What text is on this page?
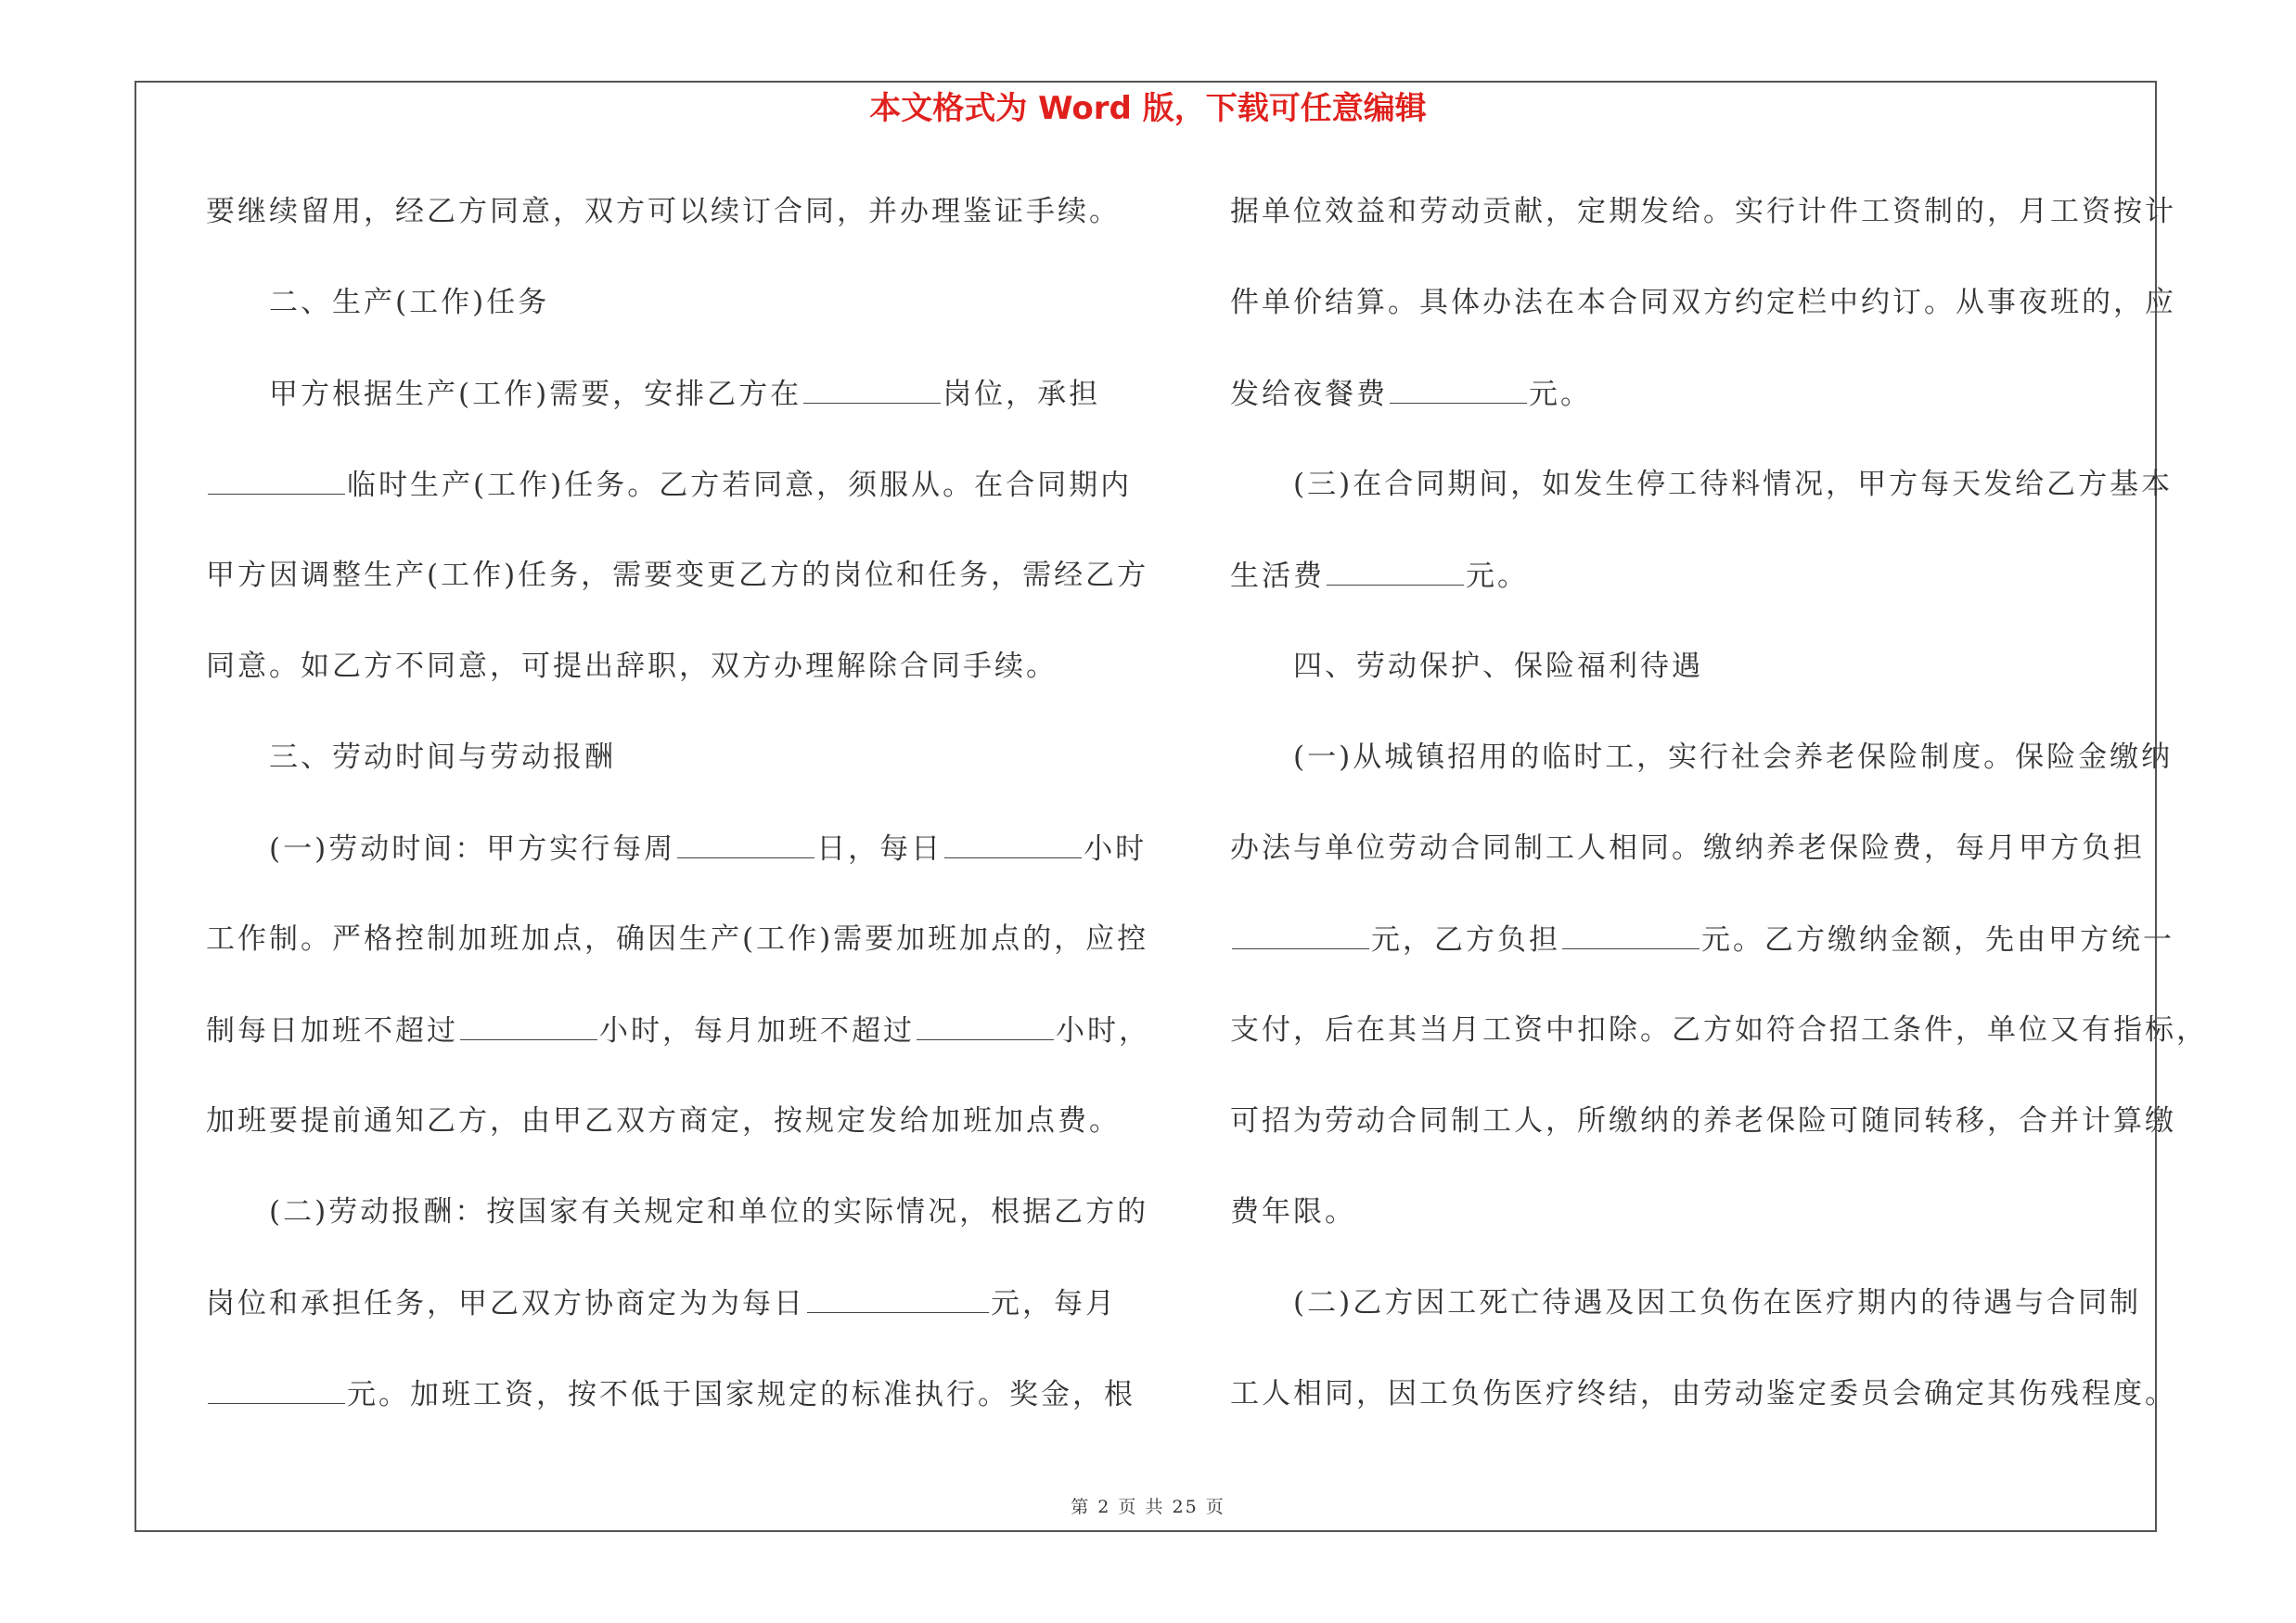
本文格式为 Word 版，下载可任意编辑
要继续留用，经乙方同意，双方可以续订合同，并办理鉴证手续。
二、生产(工作)任务
甲方根据生产(工作)需要，安排乙方在	岗位，承担
临时生产(工作)任务。乙方若同意，须服从。在合同期内
甲方因调整生产(工作)任务，需要变更乙方的岗位和任务，需经乙方
同意。如乙方不同意，可提出辞职，双方办理解除合同手续。
三、劳动时间与劳动报酬
(一)劳动时间：甲方实行每周	日，每日	小时
工作制。严格控制加班加点，确因生产(工作)需要加班加点的，应控
制每日加班不超过	小时，每月加班不超过	小时，
加班要提前通知乙方，由甲乙双方商定，按规定发给加班加点费。
(二)劳动报酬：按国家有关规定和单位的实际情况，根据乙方的
岗位和承担任务，甲乙双方协商定为为每日	元，每月
元。加班工资，按不低于国家规定的标准执行。奖金，根
据单位效益和劳动贡献，定期发给。实行计件工资制的，月工资按计
件单价结算。具体办法在本合同双方约定栏中约订。从事夜班的，应
发给夜餐费	元。
(三)在合同期间，如发生停工待料情况，甲方每天发给乙方基本
生活费	元。
四、劳动保护、保险福利待遇
(一)从城镇招用的临时工，实行社会养老保险制度。保险金缴纳
办法与单位劳动合同制工人相同。缴纳养老保险费，每月甲方负担
元，乙方负担	元。乙方缴纳金额，先由甲方统一
支付，后在其当月工资中扣除。乙方如符合招工条件，单位又有指标，
可招为劳动合同制工人，所缴纳的养老保险可随同转移，合并计算缴
费年限。
(二)乙方因工死亡待遇及因工负伤在医疗期内的待遇与合同制
工人相同，因工负伤医疗终结，由劳动鉴定委员会确定其伤残程度。
第 2 页 共 25 页
